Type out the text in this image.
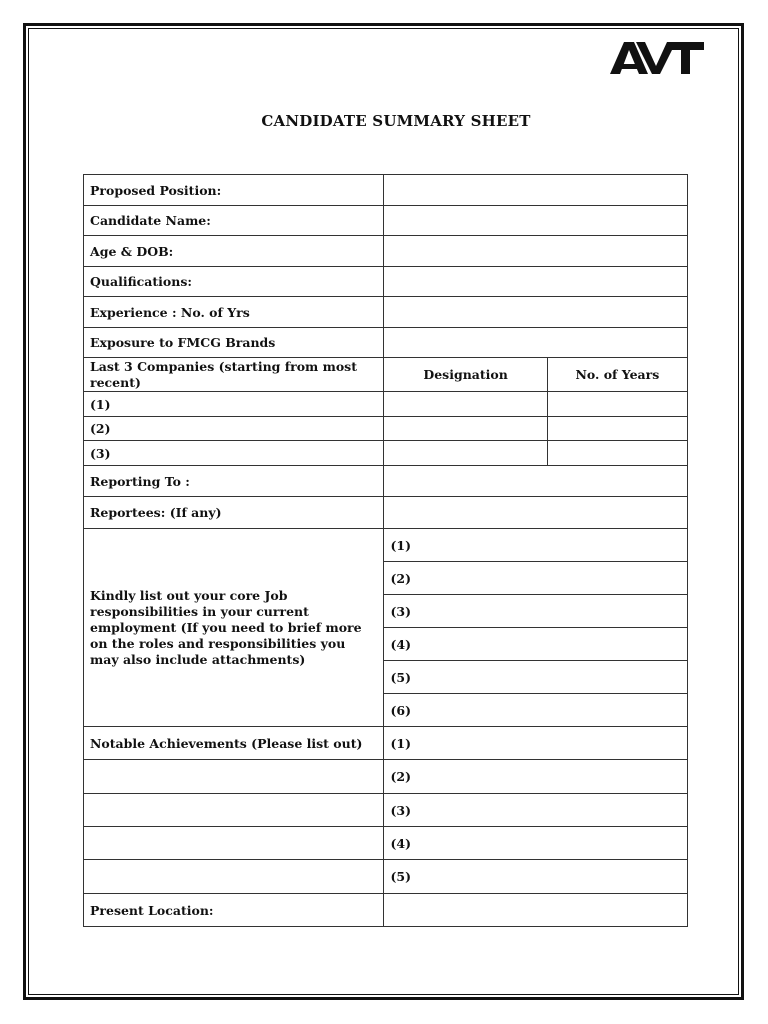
CANDIDATE SUMMARY SHEET
Proposed Position:		
Candidate Name:		
Age & DOB:		
Qualifications:		
Experience : No. of Yrs		
Exposure to FMCG Brands		
Last 3 Companies (starting from most recent)	Designation	No. of Years
(1)		
(2)		
(3)		
Reporting To :		
Reportees: (If any)		
Kindly list out your core Job responsibilities in your current employment (If you need to brief more on the roles and responsibilities you may also include attachments)	(1)	
	(2)	
	(3)	
	(4)	
	(5)	
	(6)	
Notable Achievements (Please list out)	(1)	
	(2)	
	(3)	
	(4)	
	(5)	
Present Location:		
